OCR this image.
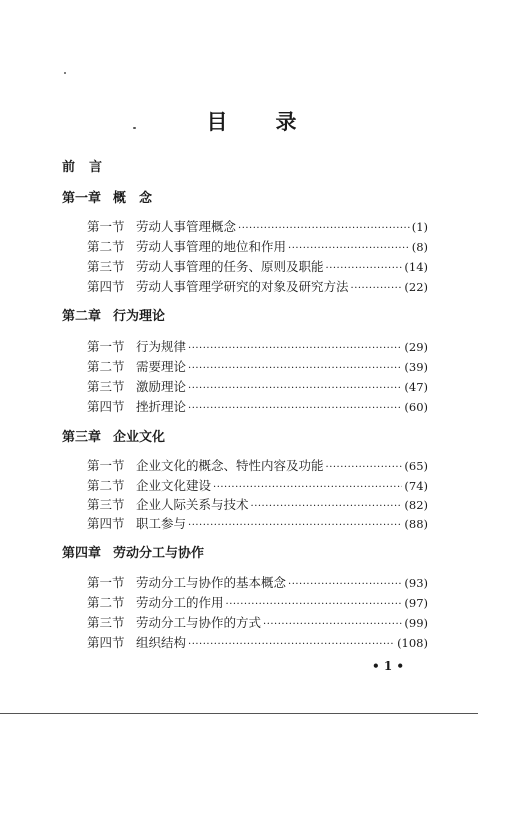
目 录
前 言
第一章 概　念
第一节 劳动人事管理概念 ·····	(1)
第二节 劳动人事管理的地位和作用 ·····	(8)
第三节 劳动人事管理的任务、原则及职能 ·····	(14)
第四节 劳动人事管理学研究的对象及研究方法 ·····	(22)
第二章 行为理论
第一节 行为规律 ·····	(29)
第二节 需要理论 ·····	(39)
第三节 激励理论 ·····	(47)
第四节 挫折理论 ·····	(60)
第三章 企业文化
第一节 企业文化的概念、特性内容及功能 ·····	(65)
第二节 企业文化建设 ·····	(74)
第三节 企业人际关系与技术 ·····	(82)
第四节 职工参与 ·····	(88)
第四章 劳动分工与协作
第一节 劳动分工与协作的基本概念 ·····	(93)
第二节 劳动分工的作用 ·····	(97)
第三节 劳动分工与协作的方式 ·····	(99)
第四节 组织结构 ·····	(108)
• 1 •
